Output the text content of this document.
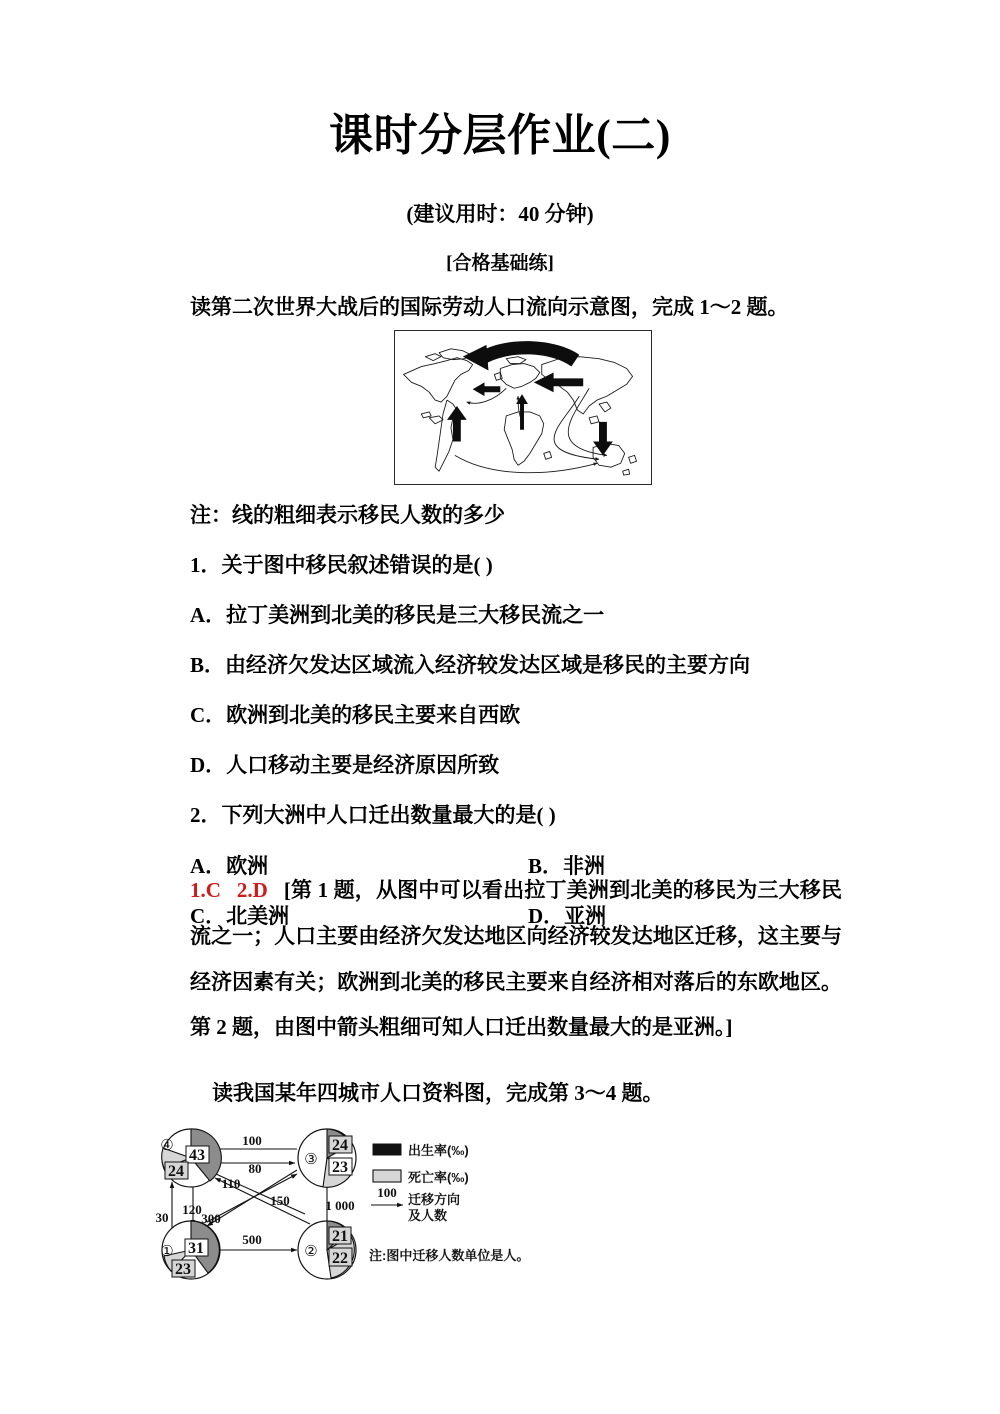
课时分层作业(二)
(建议用时：40 分钟)
[合格基础练]
读第二次世界大战后的国际劳动人口流向示意图，完成 1～2 题。
注：线的粗细表示移民人数的多少
1．关于图中移民叙述错误的是( )
A．拉丁美洲到北美的移民是三大移民流之一
B．由经济欠发达区域流入经济较发达区域是移民的主要方向
C．欧洲到北美的移民主要来自西欧
D．人口移动主要是经济原因所致
2．下列大洲中人口迁出数量最大的是( )
A．欧洲	B．非洲
C．北美洲	D．亚洲
1.C 2.D [第 1 题，从图中可以看出拉丁美洲到北美的移民为三大移民流之一；人口主要由经济欠发达地区向经济较发达地区迁移，这主要与经济因素有关；欧洲到北美的移民主要来自经济相对落后的东欧地区。第 2 题，由图中箭头粗细可知人口迁出数量最大的是亚洲。]
读我国某年四城市人口资料图，完成第 3～4 题。
43
24
④	24
23
③
31
23
①
21
22
②
100
80
30
120
110
300
150	1 000
500
出生率(‰)
死亡率(‰)
100 迁移方向
及人数
注:图中迁移人数单位是人。
